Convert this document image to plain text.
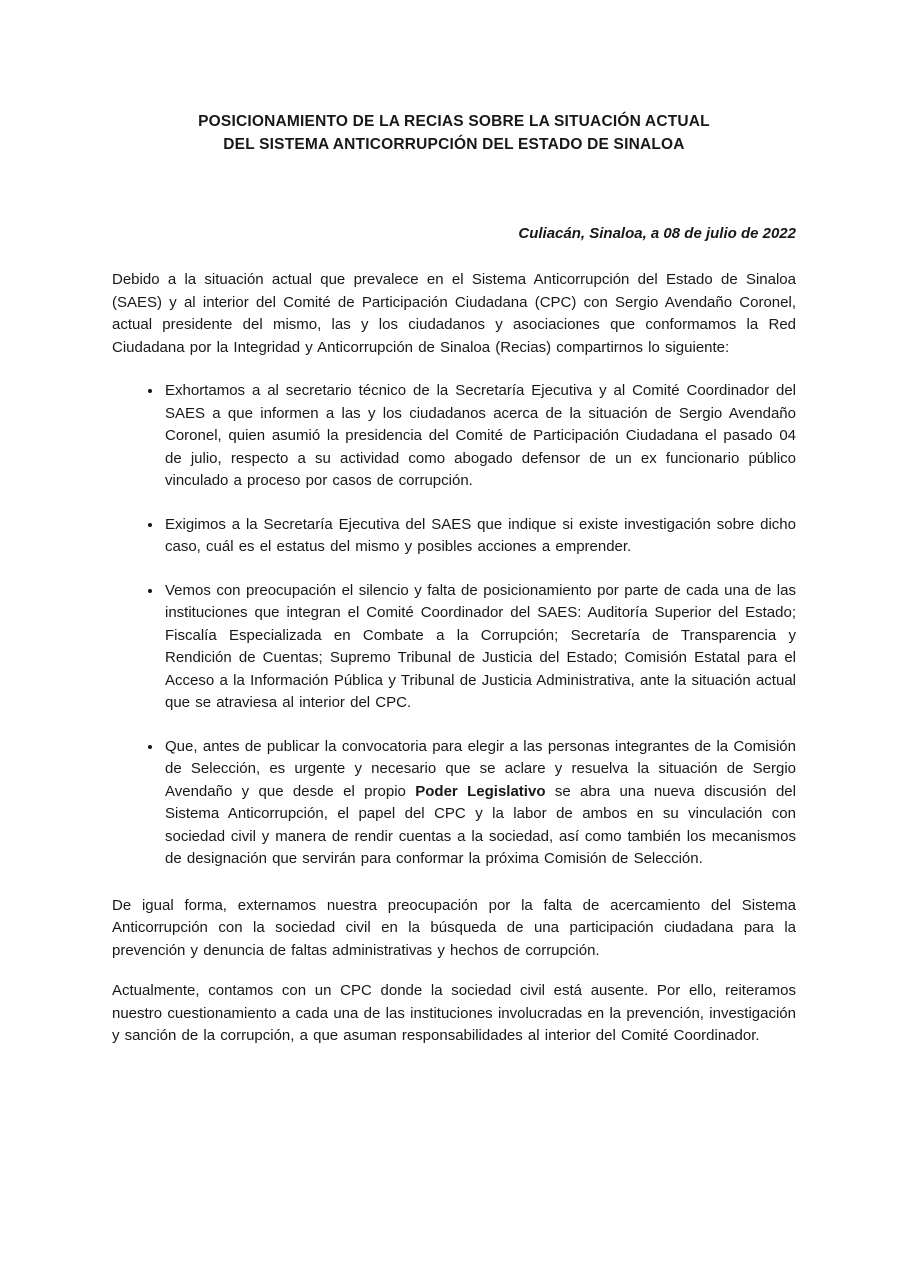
POSICIONAMIENTO DE LA RECIAS SOBRE LA SITUACIÓN ACTUAL
DEL SISTEMA ANTICORRUPCIÓN DEL ESTADO DE SINALOA

Culiacán, Sinaloa, a 08 de julio de 2022

Debido a la situación actual que prevalece en el Sistema Anticorrupción del Estado de Sinaloa (SAES) y al interior del Comité de Participación Ciudadana (CPC) con Sergio Avendaño Coronel, actual presidente del mismo, las y los ciudadanos y asociaciones que conformamos la Red Ciudadana por la Integridad y Anticorrupción de Sinaloa (Recias) compartirnos lo siguiente:

• Exhortamos a al secretario técnico de la Secretaría Ejecutiva y al Comité Coordinador del SAES a que informen a las y los ciudadanos acerca de la situación de Sergio Avendaño Coronel, quien asumió la presidencia del Comité de Participación Ciudadana el pasado 04 de julio, respecto a su actividad como abogado defensor de un ex funcionario público vinculado a proceso por casos de corrupción.
• Exigimos a la Secretaría Ejecutiva del SAES que indique si existe investigación sobre dicho caso, cuál es el estatus del mismo y posibles acciones a emprender.
• Vemos con preocupación el silencio y falta de posicionamiento por parte de cada una de las instituciones que integran el Comité Coordinador del SAES: Auditoría Superior del Estado; Fiscalía Especializada en Combate a la Corrupción; Secretaría de Transparencia y Rendición de Cuentas; Supremo Tribunal de Justicia del Estado; Comisión Estatal para el Acceso a la Información Pública y Tribunal de Justicia Administrativa, ante la situación actual que se atraviesa al interior del CPC.
• Que, antes de publicar la convocatoria para elegir a las personas integrantes de la Comisión de Selección, es urgente y necesario que se aclare y resuelva la situación de Sergio Avendaño y que desde el propio Poder Legislativo se abra una nueva discusión del Sistema Anticorrupción, el papel del CPC y la labor de ambos en su vinculación con sociedad civil y manera de rendir cuentas a la sociedad, así como también los mecanismos de designación que servirán para conformar la próxima Comisión de Selección.

De igual forma, externamos nuestra preocupación por la falta de acercamiento del Sistema Anticorrupción con la sociedad civil en la búsqueda de una participación ciudadana para la prevención y denuncia de faltas administrativas y hechos de corrupción.

Actualmente, contamos con un CPC donde la sociedad civil está ausente. Por ello, reiteramos nuestro cuestionamiento a cada una de las instituciones involucradas en la prevención, investigación y sanción de la corrupción, a que asuman responsabilidades al interior del Comité Coordinador.
